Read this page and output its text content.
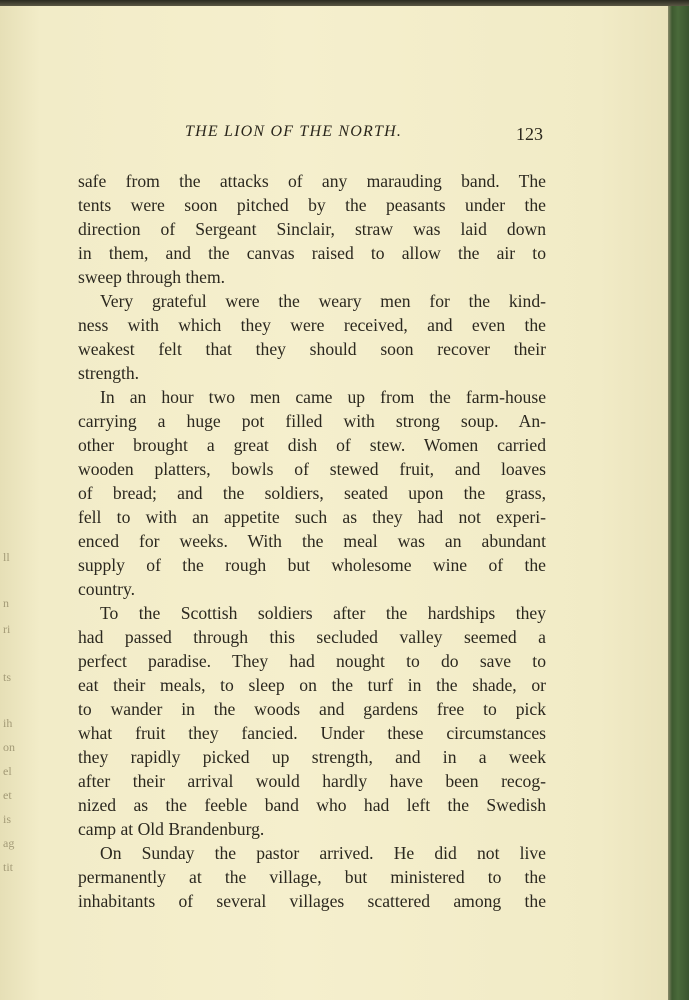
ll
n
ri
ts
ih
on
el
et
is
ag
tit
THE LION OF THE NORTH.	123
safe from the attacks of any marauding band. The
tents were soon pitched by the peasants under the
direction of Sergeant Sinclair, straw was laid down
in them, and the canvas raised to allow the air to
sweep through them.
Very grateful were the weary men for the kind-
ness with which they were received, and even the
weakest felt that they should soon recover their
strength.
In an hour two men came up from the farm-house
carrying a huge pot filled with strong soup. An-
other brought a great dish of stew. Women carried
wooden platters, bowls of stewed fruit, and loaves
of bread; and the soldiers, seated upon the grass,
fell to with an appetite such as they had not experi-
enced for weeks. With the meal was an abundant
supply of the rough but wholesome wine of the
country.
To the Scottish soldiers after the hardships they
had passed through this secluded valley seemed a
perfect paradise. They had nought to do save to
eat their meals, to sleep on the turf in the shade, or
to wander in the woods and gardens free to pick
what fruit they fancied. Under these circumstances
they rapidly picked up strength, and in a week
after their arrival would hardly have been recog-
nized as the feeble band who had left the Swedish
camp at Old Brandenburg.
On Sunday the pastor arrived. He did not live
permanently at the village, but ministered to the
inhabitants of several villages scattered among the
